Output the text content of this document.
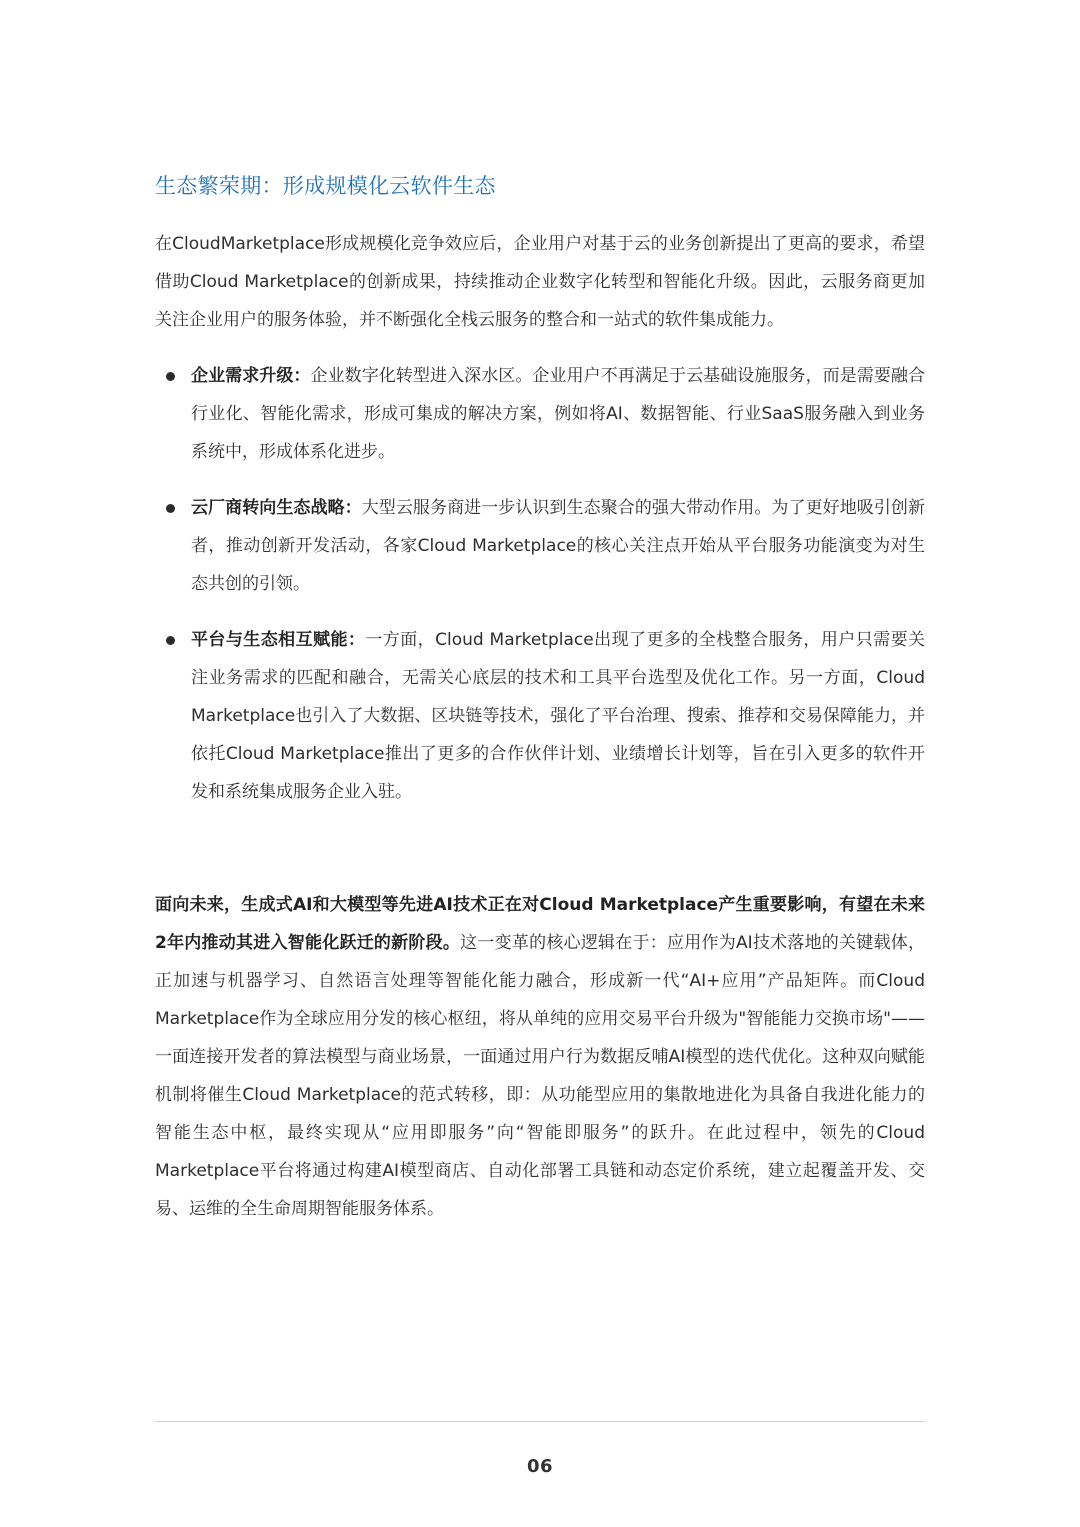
生态繁荣期：形成规模化云软件生态

在CloudMarketplace形成规模化竞争效应后，企业用户对基于云的业务创新提出了更高的要求，希望借助Cloud Marketplace的创新成果，持续推动企业数字化转型和智能化升级。因此，云服务商更加关注企业用户的服务体验，并不断强化全栈云服务的整合和一站式的软件集成能力。

企业需求升级：企业数字化转型进入深水区。企业用户不再满足于云基础设施服务，而是需要融合行业化、智能化需求，形成可集成的解决方案，例如将AI、数据智能、行业SaaS服务融入到业务系统中，形成体系化进步。
云厂商转向生态战略：大型云服务商进一步认识到生态聚合的强大带动作用。为了更好地吸引创新者，推动创新开发活动，各家Cloud Marketplace的核心关注点开始从平台服务功能演变为对生态共创的引领。
平台与生态相互赋能：一方面，Cloud Marketplace出现了更多的全栈整合服务，用户只需要关注业务需求的匹配和融合，无需关心底层的技术和工具平台选型及优化工作。另一方面，Cloud Marketplace也引入了大数据、区块链等技术，强化了平台治理、搜索、推荐和交易保障能力，并依托Cloud Marketplace推出了更多的合作伙伴计划、业绩增长计划等，旨在引入更多的软件开发和系统集成服务企业入驻。

面向未来，生成式AI和大模型等先进AI技术正在对Cloud Marketplace产生重要影响，有望在未来2年内推动其进入智能化跃迁的新阶段。这一变革的核心逻辑在于：应用作为AI技术落地的关键载体，正加速与机器学习、自然语言处理等智能化能力融合，形成新一代“AI+应用”产品矩阵。而Cloud Marketplace作为全球应用分发的核心枢纽，将从单纯的应用交易平台升级为"智能能力交换市场"——一面连接开发者的算法模型与商业场景，一面通过用户行为数据反哺AI模型的迭代优化。这种双向赋能机制将催生Cloud Marketplace的范式转移，即：从功能型应用的集散地进化为具备自我进化能力的智能生态中枢，最终实现从“应用即服务”向“智能即服务”的跃升。在此过程中，领先的Cloud Marketplace平台将通过构建AI模型商店、自动化部署工具链和动态定价系统，建立起覆盖开发、交易、运维的全生命周期智能服务体系。

06
